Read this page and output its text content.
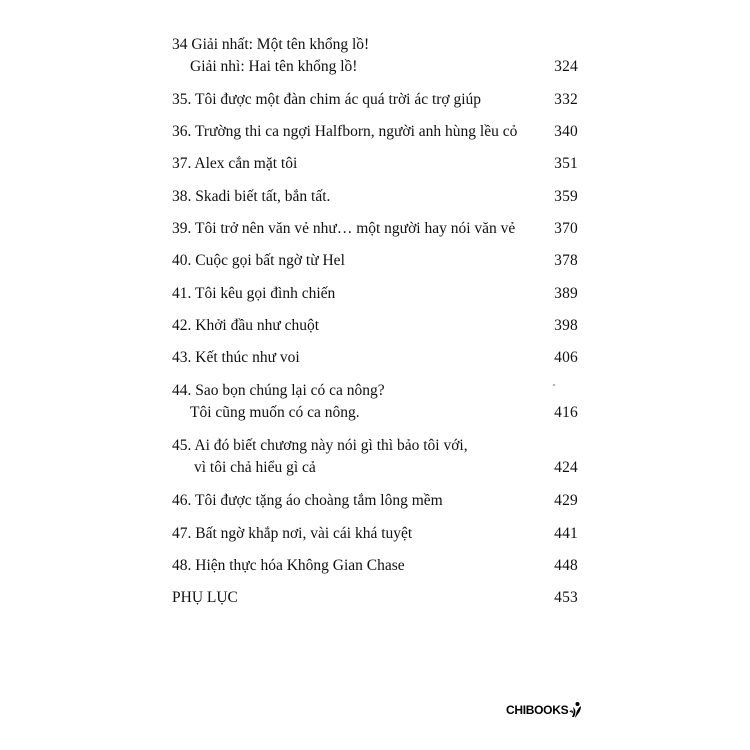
34 Giải nhất: Một tên khổng lồ!
Giải nhì: Hai tên khổng lồ!	324
35. Tôi được một đàn chim ác quá trời ác trợ giúp	332
36. Trường thi ca ngợi Halfborn, người anh hùng lều cỏ	340
37. Alex cắn mặt tôi	351
38. Skadi biết tất, bắn tất.	359
39. Tôi trở nên văn vẻ như… một người hay nói văn vẻ	370
40. Cuộc gọi bất ngờ từ Hel	378
41. Tôi kêu gọi đình chiến	389
42. Khởi đầu như chuột	398
43. Kết thúc như voi	406
44. Sao bọn chúng lại có ca nông?
Tôi cũng muốn có ca nông.	416
45. Ai đó biết chương này nói gì thì bảo tôi với,
vì tôi chả hiểu gì cả	424
46. Tôi được tặng áo choàng tắm lông mềm	429
47. Bất ngờ khắp nơi, vài cái khá tuyệt	441
48. Hiện thực hóa Không Gian Chase	448
PHỤ LỤC	453
CHIBOOKS
